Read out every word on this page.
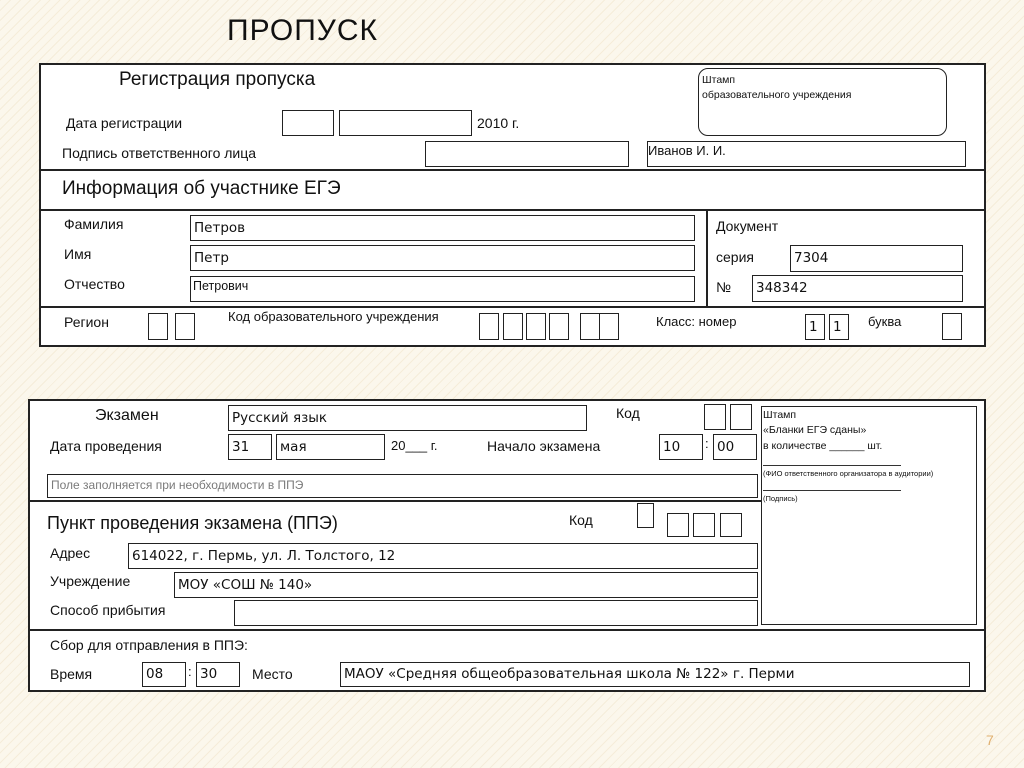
ПРОПУСК
Регистрация пропуска	Штамп
образовательного учреждения
Дата регистрации	2010 г.
Подпись ответственного лица	Иванов И. И.
Информация об участнике ЕГЭ
Фамилия	Петров
Имя	Петр
Отчество	Петрович
Документ
серия	7304
№ 348342
Регион	Код образовательного учреждения	Класс: номер	1	1	буква
Экзамен	Русский язык	Код	Штамп
«Бланки ЕГЭ сданы»
в количестве ______ шт.
(ФИО ответственного организатора в аудитории)
(Подпись)
Дата проведения	31	мая	20___ г.	Начало экзамена	10	: 00
Поле заполняется при необходимости в ППЭ
Пункт проведения экзамена (ППЭ)	Код
Адрес	614022, г. Пермь, ул. Л. Толстого, 12
Учреждение	МОУ «СОШ № 140»
Способ прибытия
Сбор для отправления в ППЭ:
Время	08	: 30	Место	МАОУ «Средняя общеобразовательная школа № 122» г. Перми
7
